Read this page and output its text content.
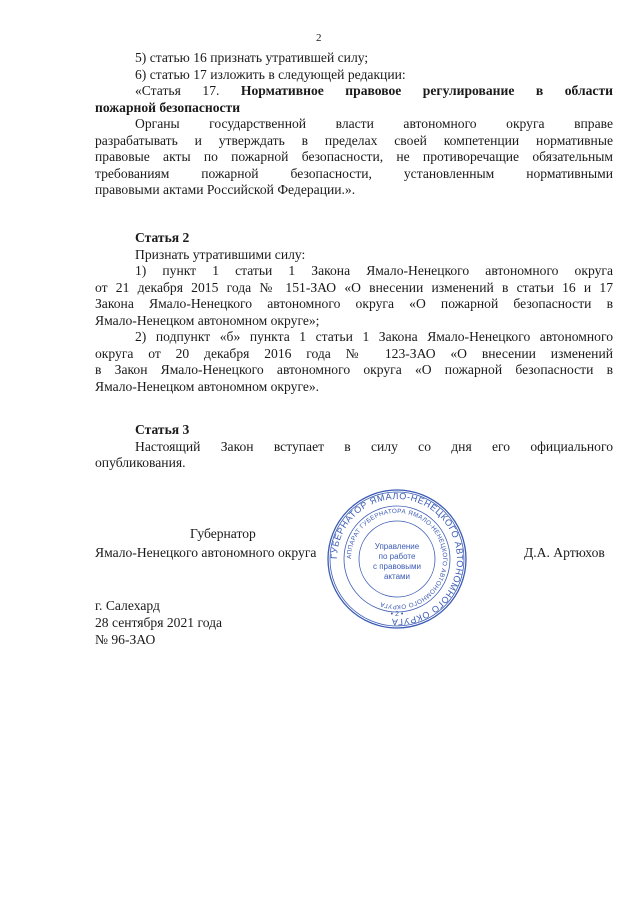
2

5) статью 16 признать утратившей силу;

6) статью 17 изложить в следующей редакции:

«Статья 17. Нормативное правовое регулирование в области

пожарной безопасности

Органы государственной власти автономного округа вправе

разрабатывать и утверждать в пределах своей компетенции нормативные

правовые акты по пожарной безопасности, не противоречащие обязательным

требованиям пожарной безопасности, установленным нормативными

правовыми актами Российской Федерации.».

Статья 2

Признать утратившими силу:

1) пункт 1 статьи 1 Закона Ямало-Ненецкого автономного округа

от 21 декабря 2015 года № 151-ЗАО «О внесении изменений в статьи 16 и 17

Закона Ямало-Ненецкого автономного округа «О пожарной безопасности в

Ямало-Ненецком автономном округе»;

2) подпункт «б» пункта 1 статьи 1 Закона Ямало-Ненецкого автономного

округа от 20 декабря 2016 года № 123-ЗАО «О внесении изменений

в Закон Ямало-Ненецкого автономного округа «О пожарной безопасности в

Ямало-Ненецком автономном округе».

Статья 3

Настоящий Закон вступает в силу со дня его официального

опубликования.

ГУБЕРНАТОР ЯМАЛО-НЕНЕЦКОГО АВТОНОМНОГО ОКРУГА
АППАРАТ ГУБЕРНАТОРА ЯМАЛО-НЕНЕЦКОГО АВТОНОМНОГО ОКРУГА
Управление
по работе
с правовыми
актами
• 2 •
Губернатор
Ямало-Ненецкого автономного округа	Д.А. Артюхов
г. Салехард
28 сентября 2021 года
№ 96-ЗАО
